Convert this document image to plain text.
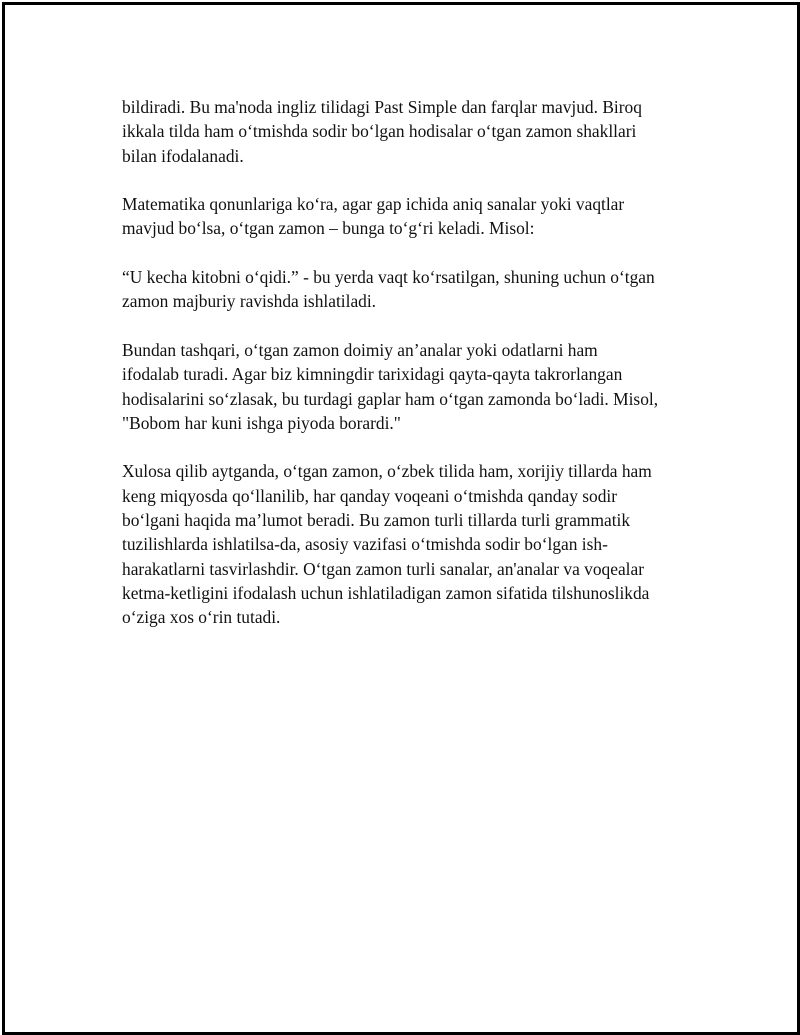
bildiradi. Bu ma'noda ingliz tilidagi Past Simple dan farqlar mavjud. Biroq
ikkala tilda ham o‘tmishda sodir bo‘lgan hodisalar o‘tgan zamon shakllari
bilan ifodalanadi.

Matematika qonunlariga ko‘ra, agar gap ichida aniq sanalar yoki vaqtlar
mavjud bo‘lsa, o‘tgan zamon – bunga to‘g‘ri keladi. Misol:

“U kecha kitobni o‘qidi.” - bu yerda vaqt ko‘rsatilgan, shuning uchun o‘tgan
zamon majburiy ravishda ishlatiladi.

Bundan tashqari, o‘tgan zamon doimiy an’analar yoki odatlarni ham
ifodalab turadi. Agar biz kimningdir tarixidagi qayta-qayta takrorlangan
hodisalarini so‘zlasak, bu turdagi gaplar ham o‘tgan zamonda bo‘ladi. Misol,
"Bobom har kuni ishga piyoda borardi."

Xulosa qilib aytganda, o‘tgan zamon, o‘zbek tilida ham, xorijiy tillarda ham
keng miqyosda qo‘llanilib, har qanday voqeani o‘tmishda qanday sodir
bo‘lgani haqida ma’lumot beradi. Bu zamon turli tillarda turli grammatik
tuzilishlarda ishlatilsa-da, asosiy vazifasi o‘tmishda sodir bo‘lgan ish-
harakatlarni tasvirlashdir. O‘tgan zamon turli sanalar, an'analar va voqealar
ketma-ketligini ifodalash uchun ishlatiladigan zamon sifatida tilshunoslikda
o‘ziga xos o‘rin tutadi.
